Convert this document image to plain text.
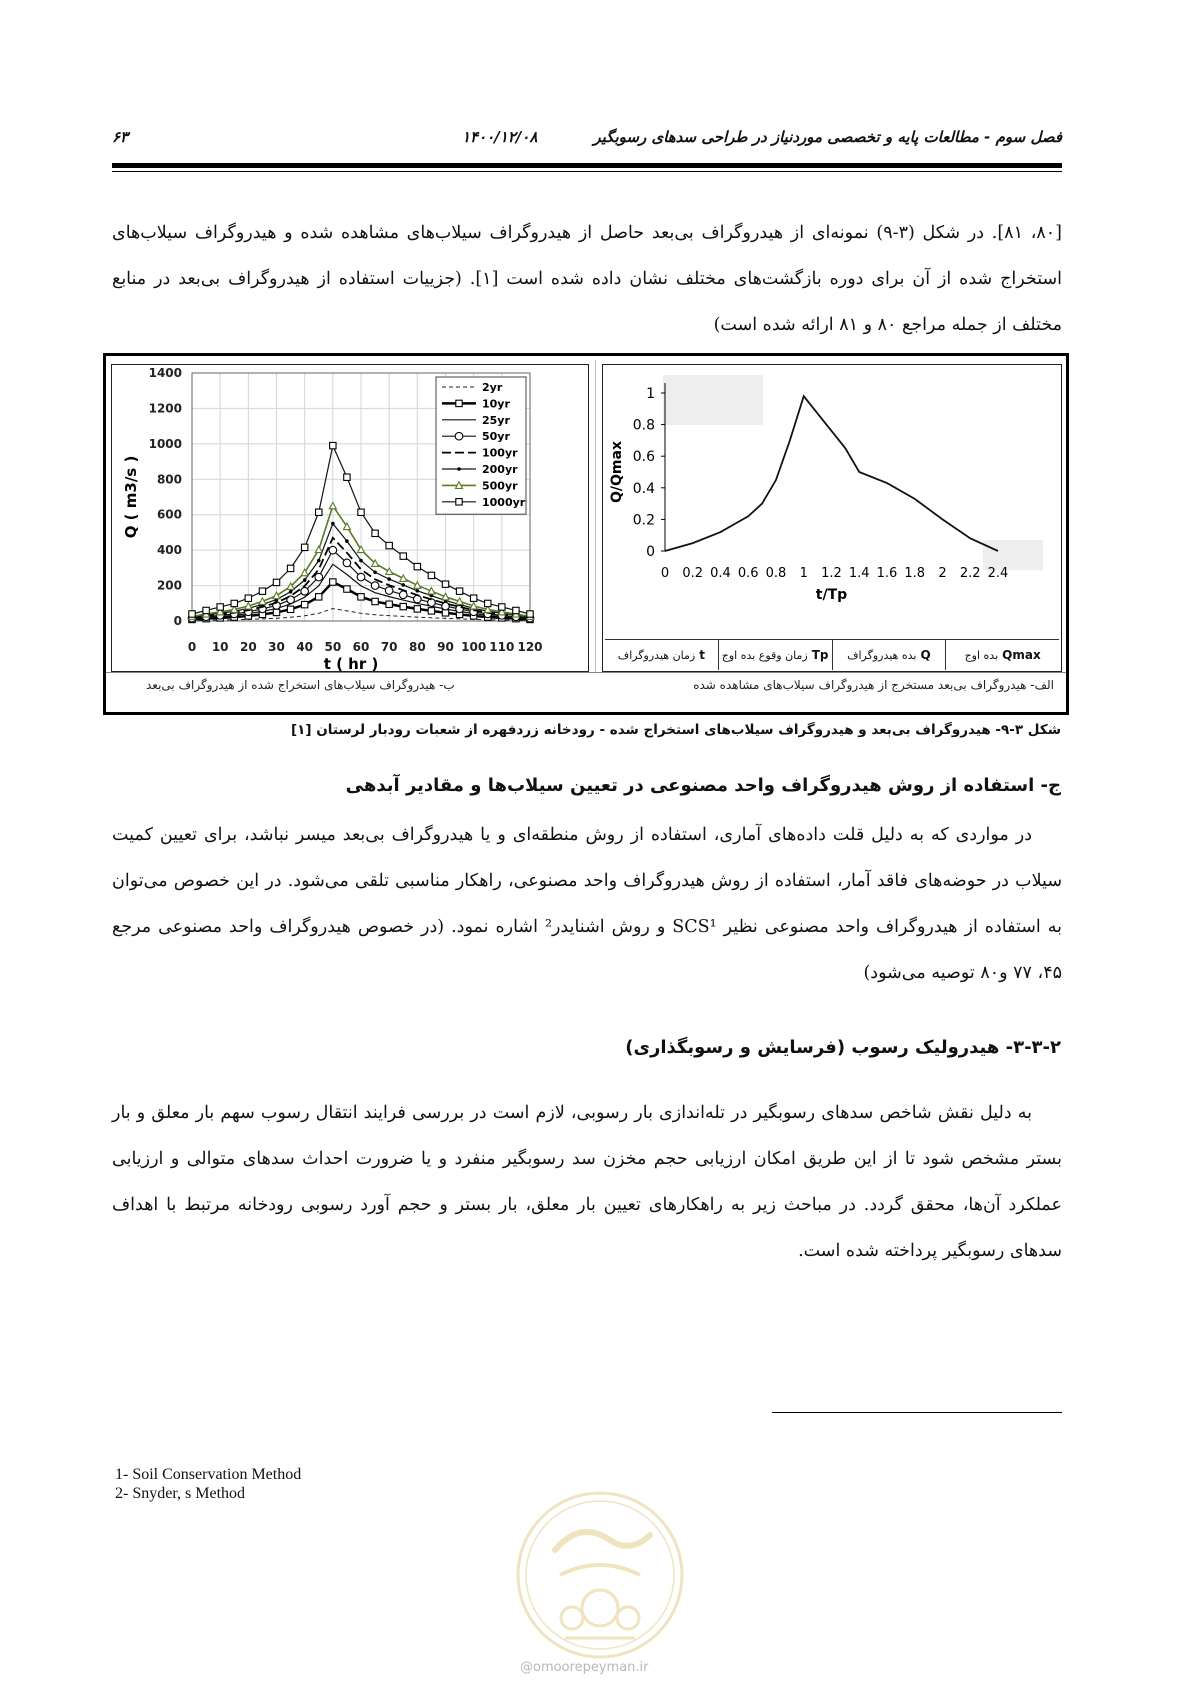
فصل سوم - مطالعات پایه و تخصصی موردنیاز در طراحی سدهای رسوبگیر
۱۴۰۰/۱۲/۰۸
۶۳
[۸۰، ۸۱]. در شکل (۳-۹) نمونه‌ای از هیدروگراف بی‌بعد حاصل از هیدروگراف سیلاب‌های مشاهده شده و هیدروگراف سیلاب‌های استخراج شده از آن برای دوره بازگشت‌های مختلف نشان داده شده است [۱]. (جزییات استفاده از هیدروگراف بی‌بعد در منابع مختلف از جمله مراجع ۸۰ و ۸۱ ارائه شده است)
0 10 20 30 40 50 60 70 80 90 100 110 120
0
200
400
600
800
1000
1200
1400
t ( hr )
Q ( m3/s )
2yr
10yr
25yr
50yr
100yr
200yr
500yr
1000yr
0
0.2
0.4
0.6
0.8
1
0 0.2 0.4 0.6 0.8 1 1.2 1.4 1.6 1.8 2 2.2 2.4
t/Tp
Q/Qmax
Qmax
بده اوج
Q
بده هیدروگراف
Tp
زمان وقوع بده اوج
t
زمان هیدروگراف
الف- هیدروگراف بی‌بعد مستخرج از هیدروگراف سیلاب‌های مشاهده شده
ب- هیدروگراف سیلاب‌های استخراج شده از هیدروگراف بی‌بعد
شکل ۳-۹- هیدروگراف بی‌بعد و هیدروگراف سیلاب‌های استخراج شده - رودخانه زردفهره از شعبات رودبار لرستان [۱]
ج- استفاده از روش هیدروگراف واحد مصنوعی در تعیین سیلاب‌ها و مقادیر آبدهی
در مواردی که به دلیل قلت داده‌های آماری، استفاده از روش منطقه‌ای و یا هیدروگراف بی‌بعد میسر نباشد، برای تعیین کمیت سیلاب در حوضه‌های فاقد آمار، استفاده از روش هیدروگراف واحد مصنوعی، راهکار مناسبی تلقی می‌شود. در این خصوص می‌توان به استفاده از هیدروگراف واحد مصنوعی نظیر SCS¹ و روش اشنایدر² اشاره نمود. (در خصوص هیدروگراف واحد مصنوعی مرجع ۴۵، ۷۷ و۸۰ توصیه می‌شود)
۳-۳-۲- هیدرولیک رسوب (فرسایش و رسوبگذاری)
به دلیل نقش شاخص سدهای رسوبگیر در تله‌اندازی بار رسوبی، لازم است در بررسی فرایند انتقال رسوب سهم بار معلق و بار بستر مشخص شود تا از این طریق امکان ارزیابی حجم مخزن سد رسوبگیر منفرد و یا ضرورت احداث سدهای متوالی و ارزیابی عملکرد آن‌ها، محقق گردد. در مباحث زیر به راهکارهای تعیین بار معلق، بار بستر و حجم آورد رسوبی رودخانه مرتبط با اهداف سدهای رسوبگیر پرداخته شده است.
1- Soil Conservation Method
2- Snyder, s Method
@omoorepeyman.ir
